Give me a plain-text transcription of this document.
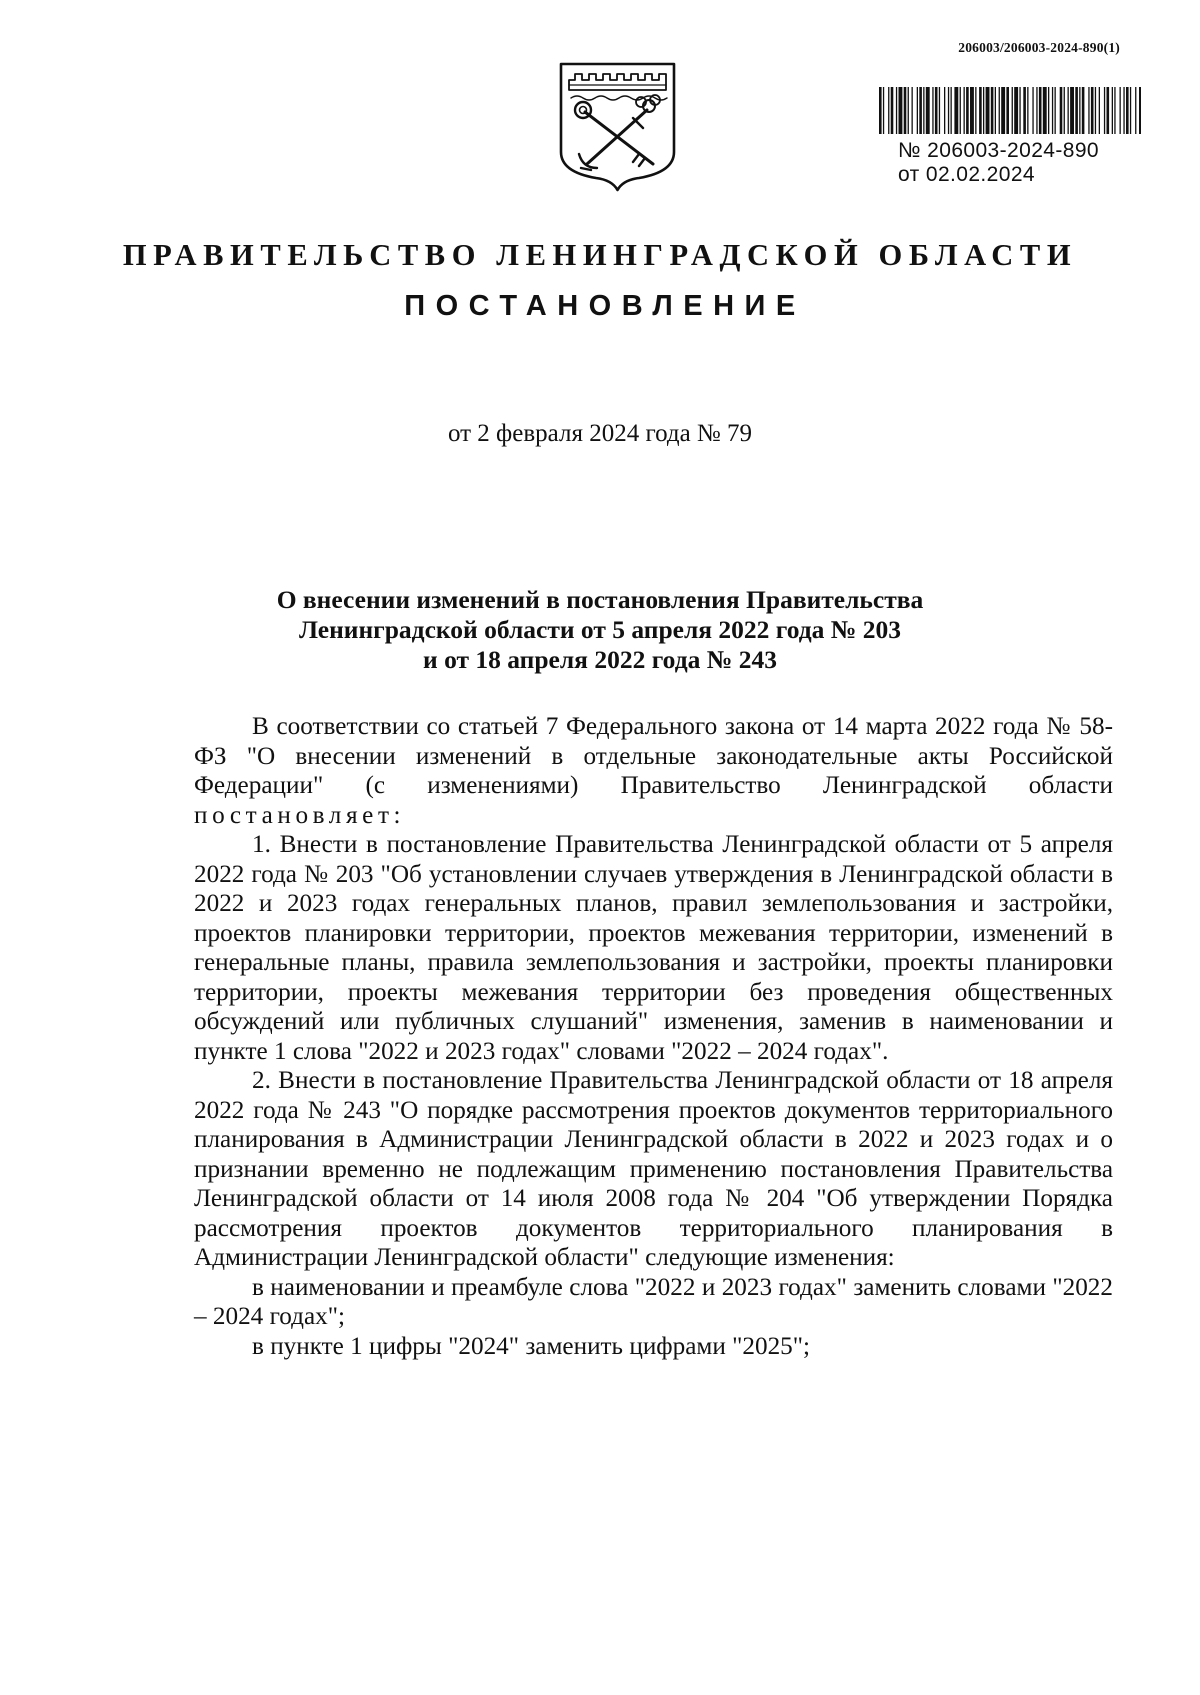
206003/206003-2024-890(1)
№ 206003-2024-890
от 02.02.2024
ПРАВИТЕЛЬСТВО ЛЕНИНГРАДСКОЙ ОБЛАСТИ
ПОСТАНОВЛЕНИЕ
от 2 февраля 2024 года № 79
О внесении изменений в постановления Правительства
Ленинградской области от 5 апреля 2022 года № 203
и от 18 апреля 2022 года № 243

В соответствии со статьей 7 Федерального закона от 14 марта 2022 года № 58-ФЗ "О внесении изменений в отдельные законодательные акты Российской Федерации" (с изменениями) Правительство Ленинградской области постановляет:

1. Внести в постановление Правительства Ленинградской области от 5 апреля 2022 года № 203 "Об установлении случаев утверждения в Ленинградской области в 2022 и 2023 годах генеральных планов, правил землепользования и застройки, проектов планировки территории, проектов межевания территории, изменений в генеральные планы, правила землепользования и застройки, проекты планировки территории, проекты межевания территории без проведения общественных обсуждений или публичных слушаний" изменения, заменив в наименовании и пункте 1 слова "2022 и 2023 годах" словами "2022 – 2024 годах".

2. Внести в постановление Правительства Ленинградской области от 18 апреля 2022 года № 243 "О порядке рассмотрения проектов документов территориального планирования в Администрации Ленинградской области в 2022 и 2023 годах и о признании временно не подлежащим применению постановления Правительства Ленинградской области от 14 июля 2008 года № 204 "Об утверждении Порядка рассмотрения проектов документов территориального планирования в Администрации Ленинградской области" следующие изменения:

в наименовании и преамбуле слова "2022 и 2023 годах" заменить словами "2022 – 2024 годах";

в пункте 1 цифры "2024" заменить цифрами "2025";
